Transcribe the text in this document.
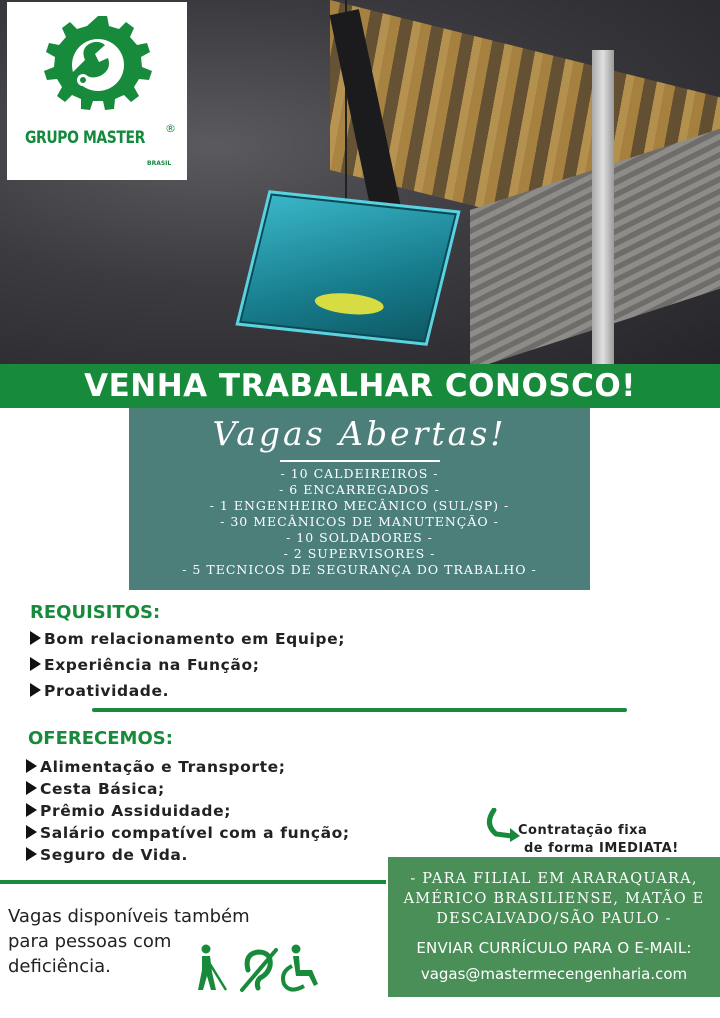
GRUPO MASTER ®
BRASIL
VENHA TRABALHAR CONOSCO!
Vagas Abertas!
- 10 CALDEIREIROS -
- 6 ENCARREGADOS -
- 1 ENGENHEIRO MECÂNICO (SUL/SP) -
- 30 MECÂNICOS DE MANUTENÇÃO -
- 10 SOLDADORES -
- 2 SUPERVISORES -
- 5 TECNICOS DE SEGURANÇA DO TRABALHO -
REQUISITOS:
Bom relacionamento em Equipe;
Experiência na Função;
Proatividade.
OFERECEMOS:
Alimentação e Transporte;
Cesta Básica;
Prêmio Assiduidade;
Salário compatível com a função;
Seguro de Vida.
Contratação fixa
de forma IMEDIATA!
Vagas disponíveis também
para pessoas com
deficiência.
- PARA FILIAL EM ARARAQUARA,
AMÉRICO BRASILIENSE, MATÃO E
DESCALVADO/SÃO PAULO -
ENVIAR CURRÍCULO PARA O E-MAIL:
vagas@mastermecengenharia.com
